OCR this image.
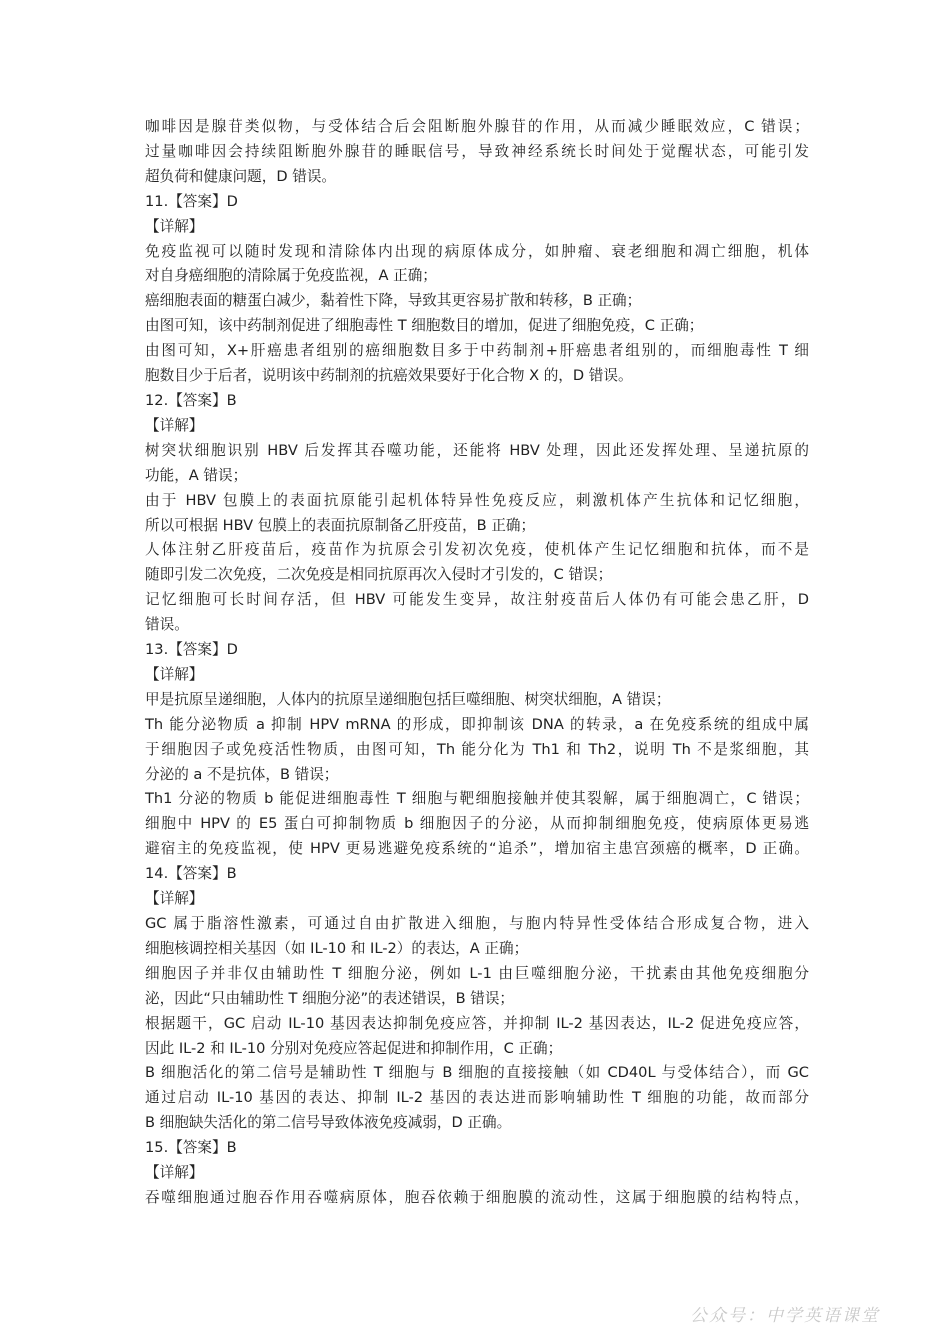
咖啡因是腺苷类似物，与受体结合后会阻断胞外腺苷的作用，从而减少睡眠效应，C 错误；
过量咖啡因会持续阻断胞外腺苷的睡眠信号，导致神经系统长时间处于觉醒状态，可能引发
超负荷和健康问题，D 错误。
11.【答案】D
【详解】
免疫监视可以随时发现和清除体内出现的病原体成分，如肿瘤、衰老细胞和凋亡细胞，机体
对自身癌细胞的清除属于免疫监视，A 正确；
癌细胞表面的糖蛋白减少，黏着性下降，导致其更容易扩散和转移，B 正确；
由图可知，该中药制剂促进了细胞毒性 T 细胞数目的增加，促进了细胞免疫，C 正确；
由图可知，X+肝癌患者组别的癌细胞数目多于中药制剂+肝癌患者组别的，而细胞毒性 T 细
胞数目少于后者，说明该中药制剂的抗癌效果要好于化合物 X 的，D 错误。
12.【答案】B
【详解】
树突状细胞识别 HBV 后发挥其吞噬功能，还能将 HBV 处理，因此还发挥处理、呈递抗原的
功能，A 错误；
由于 HBV 包膜上的表面抗原能引起机体特异性免疫反应，刺激机体产生抗体和记忆细胞，
所以可根据 HBV 包膜上的表面抗原制备乙肝疫苗，B 正确；
人体注射乙肝疫苗后，疫苗作为抗原会引发初次免疫，使机体产生记忆细胞和抗体，而不是
随即引发二次免疫，二次免疫是相同抗原再次入侵时才引发的，C 错误；
记忆细胞可长时间存活，但 HBV 可能发生变异，故注射疫苗后人体仍有可能会患乙肝，D
错误。
13.【答案】D
【详解】
甲是抗原呈递细胞，人体内的抗原呈递细胞包括巨噬细胞、树突状细胞，A 错误；
Th 能分泌物质 a 抑制 HPV mRNA 的形成，即抑制该 DNA 的转录，a 在免疫系统的组成中属
于细胞因子或免疫活性物质，由图可知，Th 能分化为 Th1 和 Th2，说明 Th 不是浆细胞，其
分泌的 a 不是抗体，B 错误；
Th1 分泌的物质 b 能促进细胞毒性 T 细胞与靶细胞接触并使其裂解，属于细胞凋亡，C 错误；
细胞中 HPV 的 E5 蛋白可抑制物质 b 细胞因子的分泌，从而抑制细胞免疫，使病原体更易逃
避宿主的免疫监视，使 HPV 更易逃避免疫系统的“追杀”，增加宿主患宫颈癌的概率，D 正确。
14.【答案】B
【详解】
GC 属于脂溶性激素，可通过自由扩散进入细胞，与胞内特异性受体结合形成复合物，进入
细胞核调控相关基因（如 IL-10 和 IL-2）的表达，A 正确；
细胞因子并非仅由辅助性 T 细胞分泌，例如 L-1 由巨噬细胞分泌，干扰素由其他免疫细胞分
泌，因此“只由辅助性 T 细胞分泌”的表述错误，B 错误；
根据题干，GC 启动 IL-10 基因表达抑制免疫应答，并抑制 IL-2 基因表达，IL-2 促进免疫应答，
因此 IL-2 和 IL-10 分别对免疫应答起促进和抑制作用，C 正确；
B 细胞活化的第二信号是辅助性 T 细胞与 B 细胞的直接接触（如 CD40L 与受体结合），而 GC
通过启动 IL-10 基因的表达、抑制 IL-2 基因的表达进而影响辅助性 T 细胞的功能，故而部分
B 细胞缺失活化的第二信号导致体液免疫减弱，D 正确。
15.【答案】B
【详解】
吞噬细胞通过胞吞作用吞噬病原体，胞吞依赖于细胞膜的流动性，这属于细胞膜的结构特点，
公众号：中学英语课堂
